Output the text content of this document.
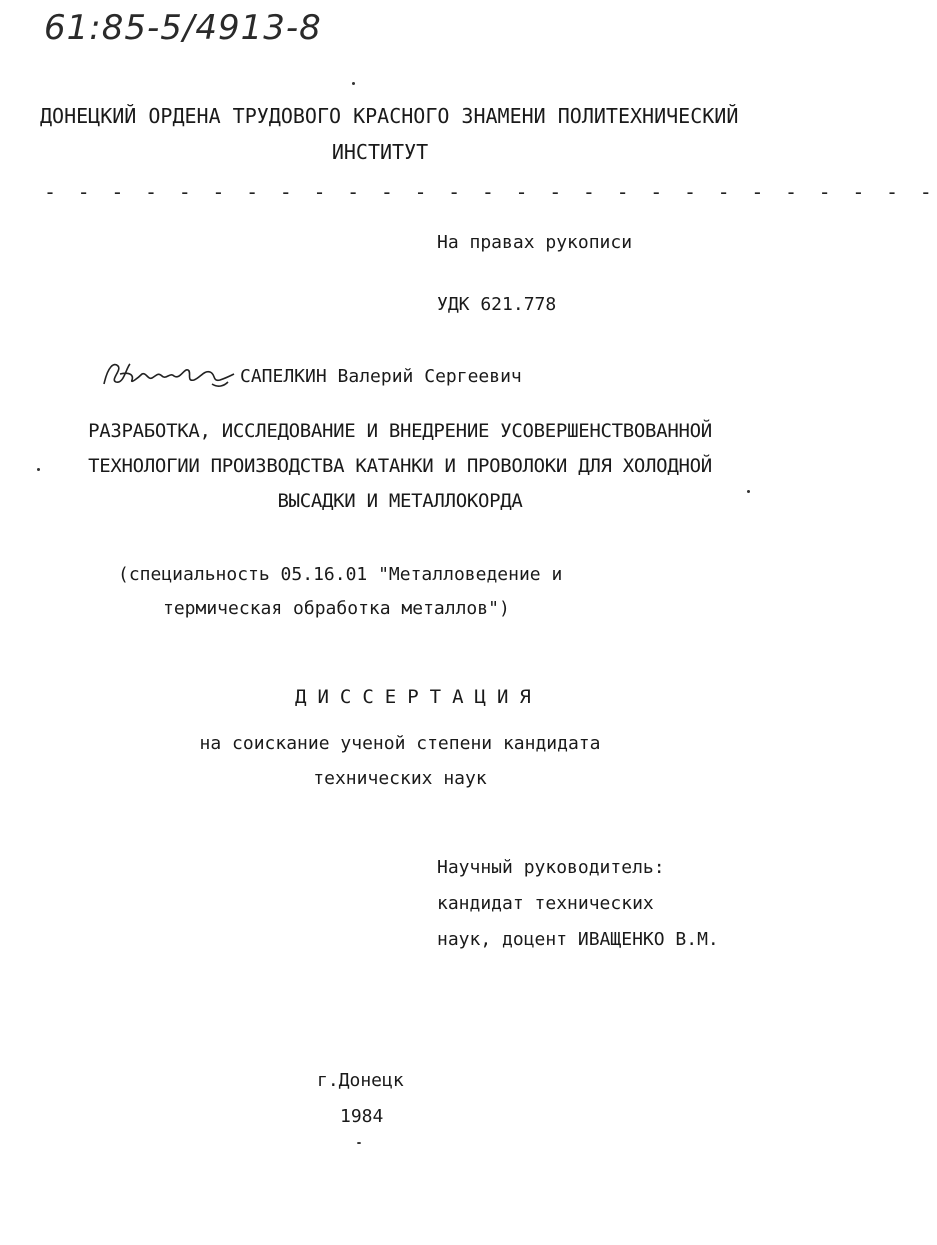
61:85-5/4913-8
ДОНЕЦКИЙ ОРДЕНА ТРУДОВОГО КРАСНОГО ЗНАМЕНИ ПОЛИТЕХНИЧЕСКИЙ
ИНСТИТУТ
- - - - - - - - - - - - - - - - - - - - - - - - - - -
На правах рукописи
УДК 621.778
САПЕЛКИН Валерий Сергеевич
РАЗРАБОТКА, ИССЛЕДОВАНИЕ И ВНЕДРЕНИЕ УСОВЕРШЕНСТВОВАННОЙ
ТЕХНОЛОГИИ ПРОИЗВОДСТВА КАТАНКИ И ПРОВОЛОКИ ДЛЯ ХОЛОДНОЙ
ВЫСАДКИ И МЕТАЛЛОКОРДА
(специальность 05.16.01 "Металловедение и
термическая обработка металлов")
ДИССЕРТАЦИЯ
на соискание ученой степени кандидата
технических наук
Научный руководитель:
кандидат технических
наук, доцент ИВАЩЕНКО В.М.
г.Донецк
1984
